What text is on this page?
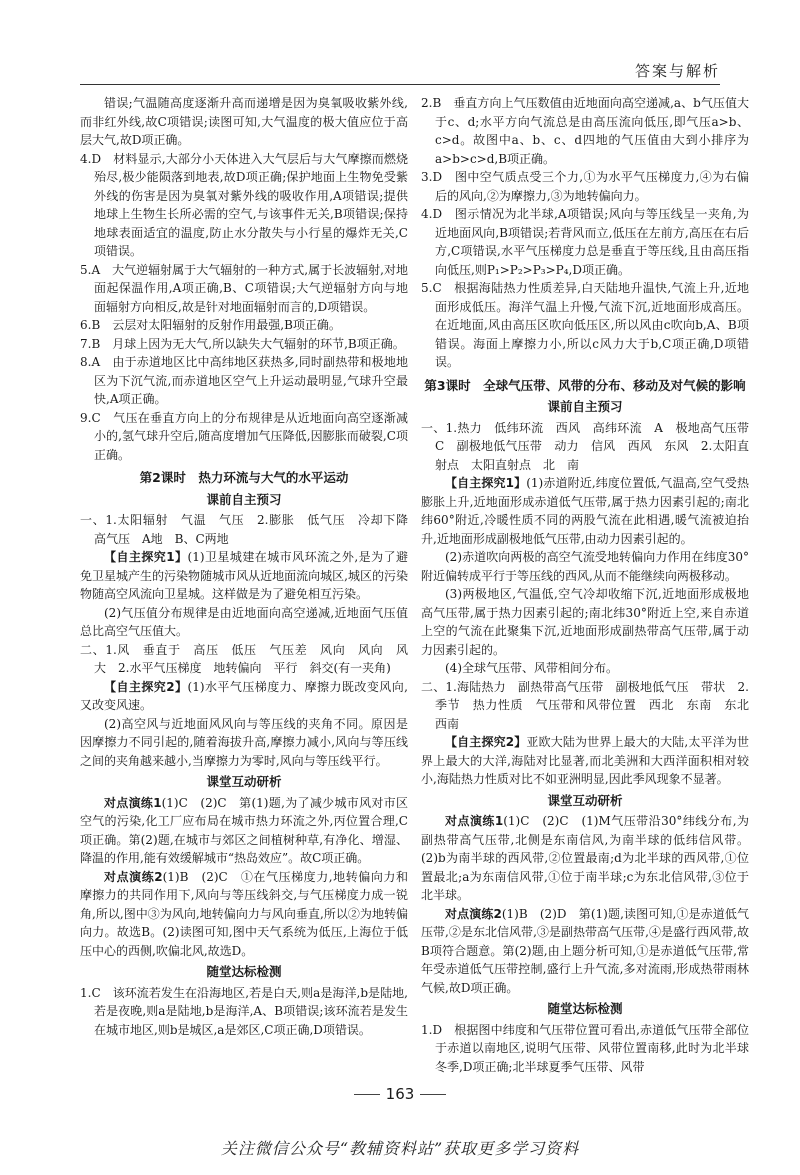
答案与解析
错误;气温随高度逐渐升高而递增是因为臭氧吸收紫外线,而非红外线,故C项错误;读图可知,大气温度的极大值应位于高层大气,故D项正确。
4.D　材料显示,大部分小天体进入大气层后与大气摩擦而燃烧殆尽,极少能陨落到地表,故D项正确;保护地面上生物免受紫外线的伤害是因为臭氧对紫外线的吸收作用,A项错误;提供地球上生物生长所必需的空气,与该事件无关,B项错误;保持地球表面适宜的温度,防止水分散失与小行星的爆炸无关,C项错误。
5.A　大气逆辐射属于大气辐射的一种方式,属于长波辐射,对地面起保温作用,A项正确,B、C项错误;大气逆辐射方向与地面辐射方向相反,故是针对地面辐射而言的,D项错误。
6.B　云层对太阳辐射的反射作用最强,B项正确。
7.B　月球上因为无大气,所以缺失大气辐射的环节,B项正确。
8.A　由于赤道地区比中高纬地区获热多,同时副热带和极地地区为下沉气流,而赤道地区空气上升运动最明显,气球升空最快,A项正确。
9.C　气压在垂直方向上的分布规律是从近地面向高空逐渐减小的,氢气球升空后,随高度增加气压降低,因膨胀而破裂,C项正确。
第2课时　热力环流与大气的水平运动
课前自主预习
一、1.太阳辐射　气温　气压　2.膨胀　低气压　冷却下降　高气压　A地　B、C两地
【自主探究1】(1)卫星城建在城市风环流之外,是为了避免卫星城产生的污染物随城市风从近地面流向城区,城区的污染物随高空风流向卫星城。这样做是为了避免相互污染。
(2)气压值分布规律是由近地面向高空递减,近地面气压值总比高空气压值大。
二、1.风　垂直于　高压　低压　气压差　风向　风向　风　大　2.水平气压梯度　地转偏向　平行　斜交(有一夹角)
【自主探究2】(1)水平气压梯度力、摩擦力既改变风向,又改变风速。
(2)高空风与近地面风风向与等压线的夹角不同。原因是因摩擦力不同引起的,随着海拔升高,摩擦力减小,风向与等压线之间的夹角越来越小,当摩擦力为零时,风向与等压线平行。
课堂互动研析
对点演练1(1)C　(2)C　第(1)题,为了减少城市风对市区空气的污染,化工厂应布局在城市热力环流之外,丙位置合理,C项正确。第(2)题,在城市与郊区之间植树种草,有净化、增湿、降温的作用,能有效缓解城市“热岛效应”。故C项正确。
对点演练2(1)B　(2)C　①在气压梯度力,地转偏向力和摩擦力的共同作用下,风向与等压线斜交,与气压梯度力成一锐角,所以,图中③为风向,地转偏向力与风向垂直,所以②为地转偏向力。故选B。(2)读图可知,图中天气系统为低压,上海位于低压中心的西侧,吹偏北风,故选D。
随堂达标检测
1.C　该环流若发生在沿海地区,若是白天,则a是海洋,b是陆地,若是夜晚,则a是陆地,b是海洋,A、B项错误;该环流若是发生在城市地区,则b是城区,a是郊区,C项正确,D项错误。
2.B　垂直方向上气压数值由近地面向高空递减,a、b气压值大于c、d;水平方向气流总是由高压流向低压,即气压a>b、c>d。故图中a、b、c、d四地的气压值由大到小排序为a>b>c>d,B项正确。
3.D　图中空气质点受三个力,①为水平气压梯度力,④为右偏后的风向,②为摩擦力,③为地转偏向力。
4.D　图示情况为北半球,A项错误;风向与等压线呈一夹角,为近地面风向,B项错误;若背风而立,低压在左前方,高压在右后方,C项错误,水平气压梯度力总是垂直于等压线,且由高压指向低压,则P₁>P₂>P₃>P₄,D项正确。
5.C　根据海陆热力性质差异,白天陆地升温快,气流上升,近地面形成低压。海洋气温上升慢,气流下沉,近地面形成高压。在近地面,风由高压区吹向低压区,所以风由c吹向b,A、B项错误。海面上摩擦力小,所以c风力大于b,C项正确,D项错误。
第3课时　全球气压带、风带的分布、移动及对气候的影响
课前自主预习
一、1.热力　低纬环流　西风　高纬环流　A　极地高气压带　C　副极地低气压带　动力　信风　西风　东风　2.太阳直射点　太阳直射点　北　南
【自主探究1】(1)赤道附近,纬度位置低,气温高,空气受热膨胀上升,近地面形成赤道低气压带,属于热力因素引起的;南北纬60°附近,冷暖性质不同的两股气流在此相遇,暖气流被迫抬升,近地面形成副极地低气压带,由动力因素引起的。
(2)赤道吹向两极的高空气流受地转偏向力作用在纬度30°附近偏转成平行于等压线的西风,从而不能继续向两极移动。
(3)两极地区,气温低,空气冷却收缩下沉,近地面形成极地高气压带,属于热力因素引起的;南北纬30°附近上空,来自赤道上空的气流在此聚集下沉,近地面形成副热带高气压带,属于动力因素引起的。
(4)全球气压带、风带相间分布。
二、1.海陆热力　副热带高气压带　副极地低气压　带状　2.季节　热力性质　气压带和风带位置　西北　东南　东北　西南
【自主探究2】亚欧大陆为世界上最大的大陆,太平洋为世界上最大的大洋,海陆对比显著,而北美洲和大西洋面积相对较小,海陆热力性质对比不如亚洲明显,因此季风现象不显著。
课堂互动研析
对点演练1(1)C　(2)C　(1)M气压带沿30°纬线分布,为副热带高气压带,北侧是东南信风,为南半球的低纬信风带。(2)b为南半球的西风带,②位置最南;d为北半球的西风带,①位置最北;a为东南信风带,①位于南半球;c为东北信风带,③位于北半球。
对点演练2(1)B　(2)D　第(1)题,读图可知,①是赤道低气压带,②是东北信风带,③是副热带高气压带,④是盛行西风带,故B项符合题意。第(2)题,由上题分析可知,①是赤道低气压带,常年受赤道低气压带控制,盛行上升气流,多对流雨,形成热带雨林气候,故D项正确。
随堂达标检测
1.D　根据图中纬度和气压带位置可看出,赤道低气压带全部位于赤道以南地区,说明气压带、风带位置南移,此时为北半球冬季,D项正确;北半球夏季气压带、风带
163
关注微信公众号“教辅资料站”获取更多学习资料
